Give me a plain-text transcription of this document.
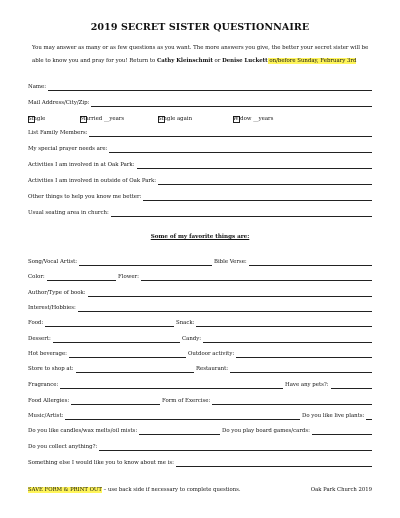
2019 SECRET SISTER QUESTIONNAIRE
You may answer as many or as few questions as you want. The more answers you give, the better your secret sister will be able to know you and pray for you! Return to Cathy Kleinschmit or Denise Luckett on/before Sunday, February 3rd
Name:
Mail Address/City/Zip:
Single	Married __years	Single again	Widow __years
List Family Members:
My special prayer needs are:
Activities I am involved in at Oak Park:
Activities I am involved in outside of Oak Park:
Other things to help you know me better:
Usual seating area in church:
Some of my favorite things are:
Song/Vocal Artist:	Bible Verse:
Color:	Flower:
Author/Type of book:
Interest/Hobbies:
Food:	Snack:
Dessert:	Candy:
Hot beverage:	Outdoor activity:
Store to shop at:	Restaurant:
Fragrance:	Have any pets?:
Food Allergies:	Form of Exercise:
Music/Artist:	Do you like live plants:
Do you like candles/wax melts/oil mists:	Do you play board games/cards:
Do you collect anything?:
Something else I would like you to know about me is:
SAVE FORM & PRINT OUT – use back side if necessary to complete questions.	Oak Park Church 2019
